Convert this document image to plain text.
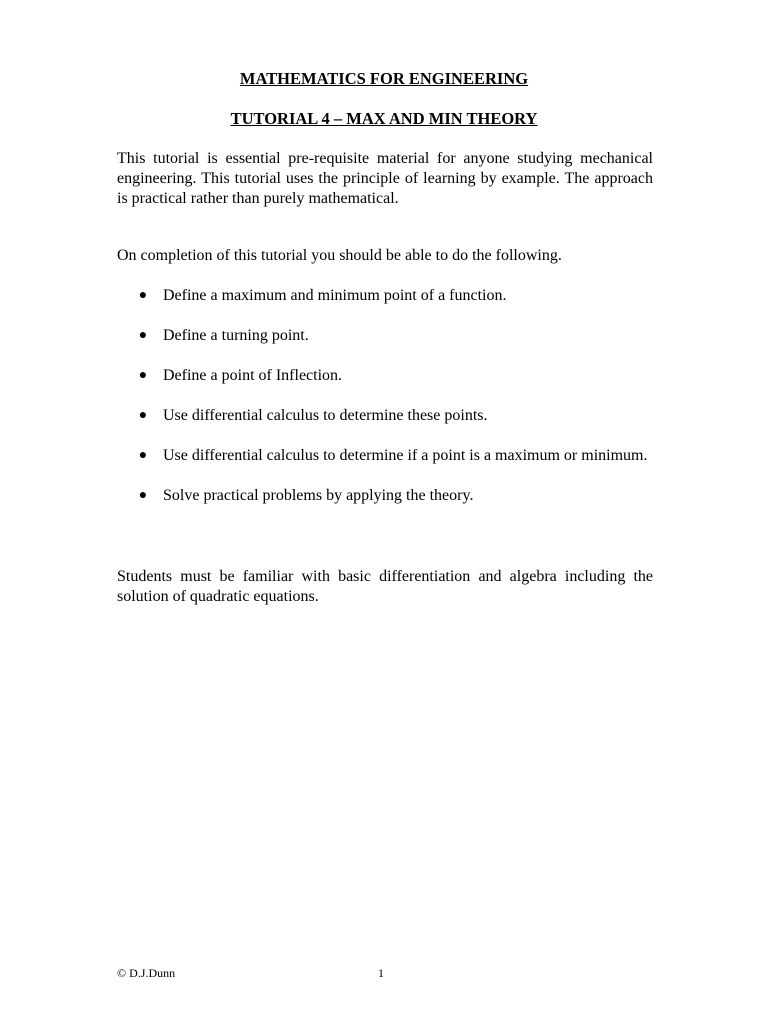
MATHEMATICS FOR ENGINEERING
TUTORIAL 4 – MAX AND MIN THEORY

This tutorial is essential pre-requisite material for anyone studying mechanical engineering. This tutorial uses the principle of learning by example. The approach is practical rather than purely mathematical.

On completion of this tutorial you should be able to do the following.

● Define a maximum and minimum point of a function.
● Define a turning point.
● Define a point of Inflection.
● Use differential calculus to determine these points.
● Use differential calculus to determine if a point is a maximum or minimum.
● Solve practical problems by applying the theory.

Students must be familiar with basic differentiation and algebra including the solution of quadratic equations.

© D.J.Dunn	1
